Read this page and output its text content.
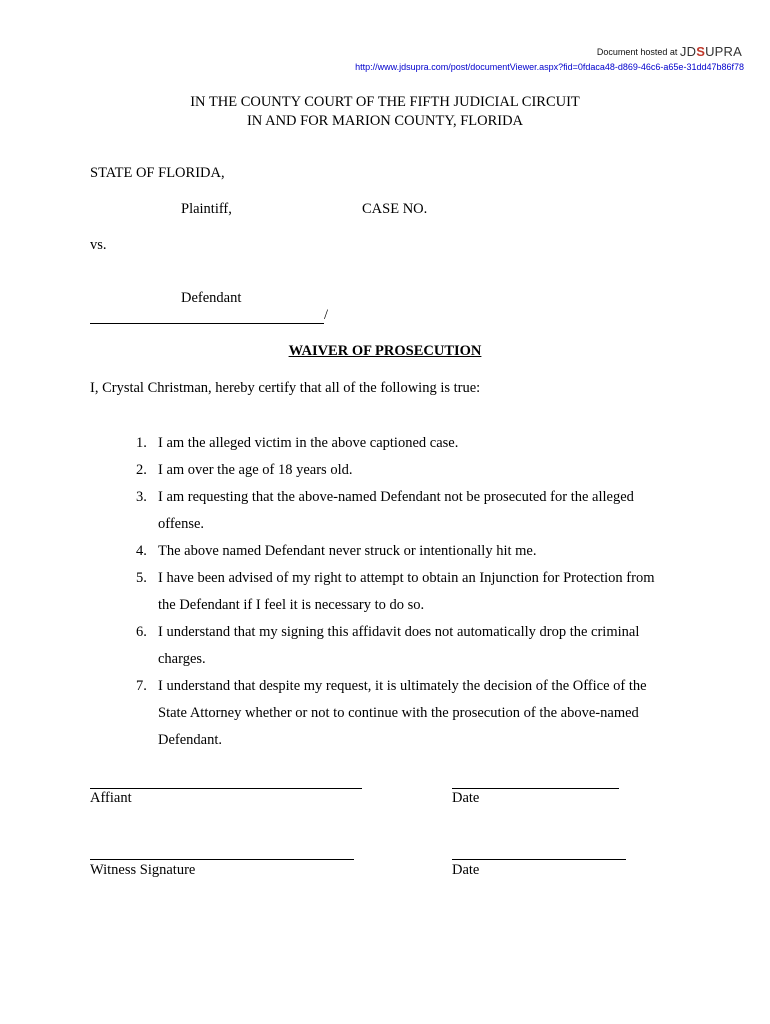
Document hosted at JDSUPRA
http://www.jdsupra.com/post/documentViewer.aspx?fid=0fdaca48-d869-46c6-a65e-31dd47b86f78
IN THE COUNTY COURT OF THE FIFTH JUDICIAL CIRCUIT
IN AND FOR MARION COUNTY, FLORIDA
STATE OF FLORIDA,
Plaintiff,	CASE NO.
vs.
Defendant
/
WAIVER OF PROSECUTION
I, Crystal Christman, hereby certify that all of the following is true:
1. I am the alleged victim in the above captioned case.
2. I am over the age of 18 years old.
3. I am requesting that the above-named Defendant not be prosecuted for the alleged
offense.
4. The above named Defendant never struck or intentionally hit me.
5. I have been advised of my right to attempt to obtain an Injunction for Protection from
the Defendant if I feel it is necessary to do so.
6. I understand that my signing this affidavit does not automatically drop the criminal
charges.
7. I understand that despite my request, it is ultimately the decision of the Office of the
State Attorney whether or not to continue with the prosecution of the above-named
Defendant.
Affiant	Date
Witness Signature	Date
